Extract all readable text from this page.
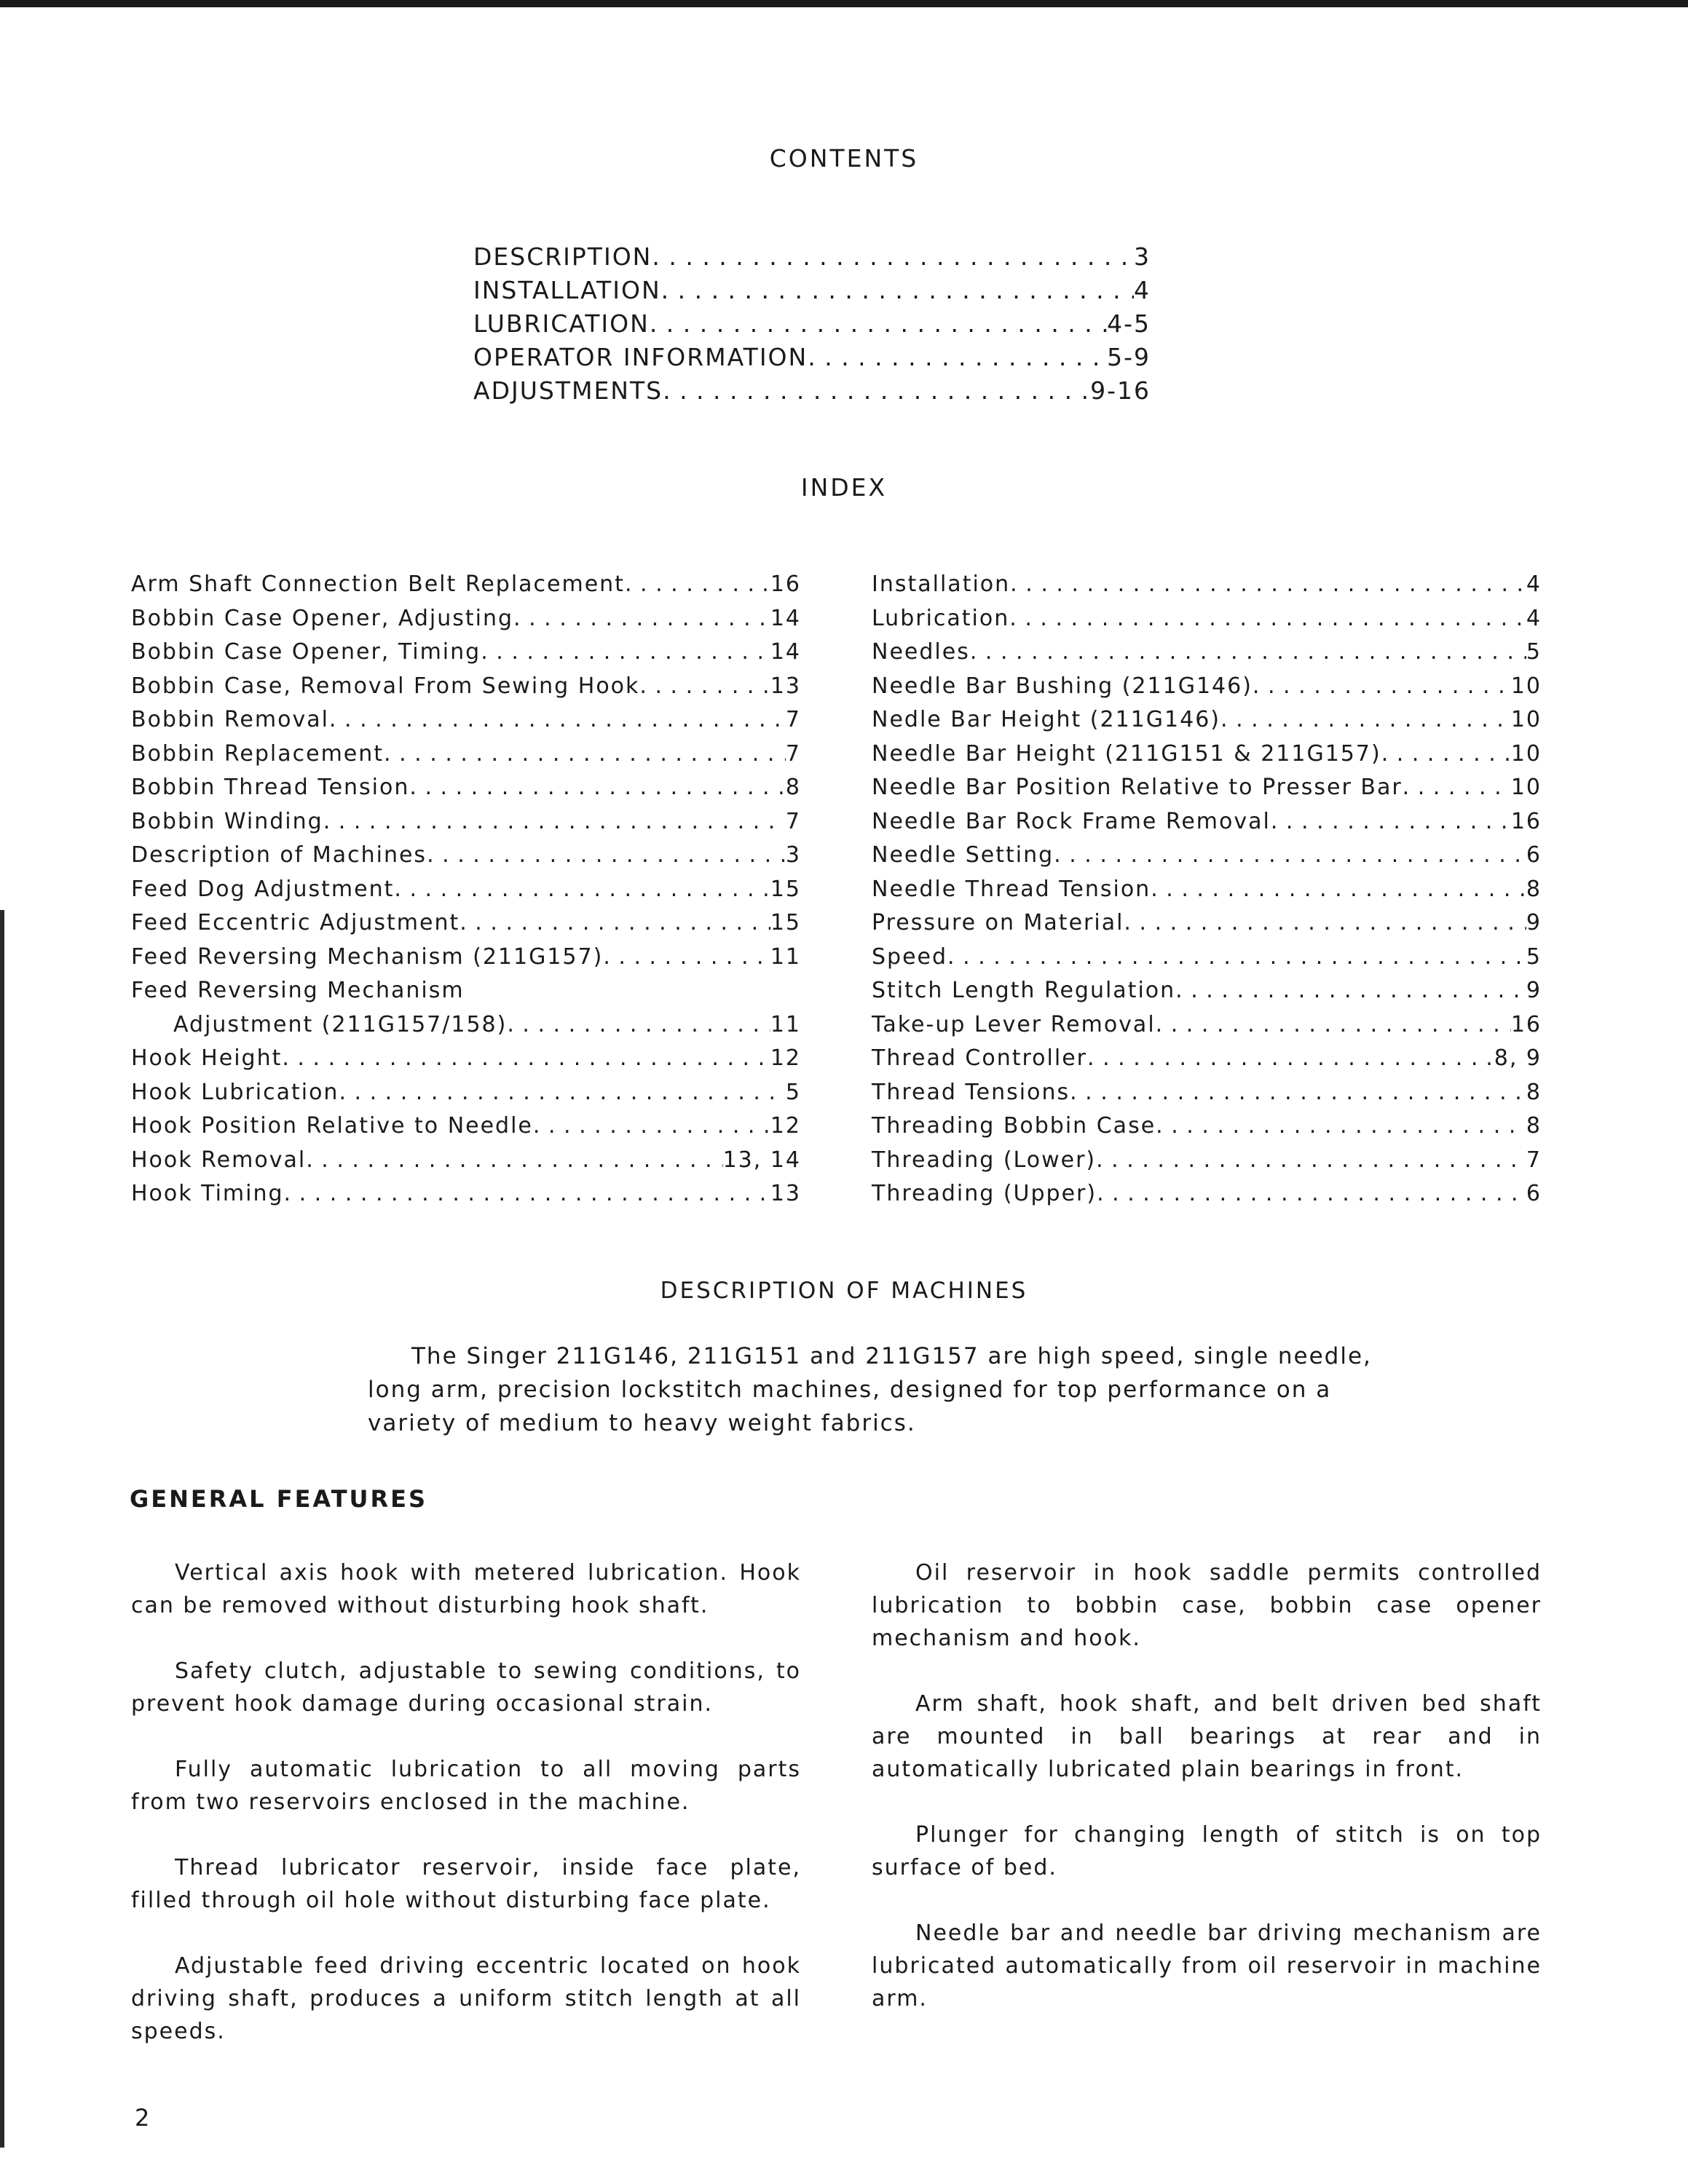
CONTENTS
DESCRIPTION . . .	3
INSTALLATION . . .	4
LUBRICATION . . .	4-5
OPERATOR INFORMATION . . .	5-9
ADJUSTMENTS . . .	.9-16
INDEX
Arm Shaft Connection Belt Replacement . . .	.16
Bobbin Case Opener, Adjusting . . .	14
Bobbin Case Opener, Timing . . .	14
Bobbin Case, Removal From Sewing Hook . . .	13
Bobbin Removal . . .	7
Bobbin Replacement . . .	7
Bobbin Thread Tension . . .	8
Bobbin Winding . . .	7
Description of Machines . . .	3
Feed Dog Adjustment . . .	15
Feed Eccentric Adjustment . . .	15
Feed Reversing Mechanism (211G157) . . .	11
Feed Reversing Mechanism
Adjustment (211G157/158) . . .	11
Hook Height . . .	12
Hook Lubrication . . .	5
Hook Position Relative to Needle . . .	12
Hook Removal . . .	13, 14
Hook Timing . . .	13
Installation . . .	4
Lubrication . . .	4
Needles . . .	5
Needle Bar Bushing (211G146) . . .	10
Nedle Bar Height (211G146) . . .	10
Needle Bar Height (211G151 & 211G157) . . .	10
Needle Bar Position Relative to Presser Bar . . .	10
Needle Bar Rock Frame Removal . . .	16
Needle Setting . . .	6
Needle Thread Tension . . .	8
Pressure on Material . . .	9
Speed . . .	5
Stitch Length Regulation . . .	9
Take-up Lever Removal . . .	16
Thread Controller . . .	.8, 9
Thread Tensions . . .	8
Threading Bobbin Case . . .	8
Threading (Lower) . . .	7
Threading (Upper) . . .	6
DESCRIPTION OF MACHINES

The Singer 211G146, 211G151 and 211G157 are high speed, single needle, long arm, precision lockstitch machines, designed for top performance on a variety of medium to heavy weight fabrics.

GENERAL FEATURES

Vertical axis hook with metered lubrication. Hook can be removed without disturbing hook shaft.

Safety clutch, adjustable to sewing conditions, to prevent hook damage during occasional strain.

Fully automatic lubrication to all moving parts from two reservoirs enclosed in the machine.

Thread lubricator reservoir, inside face plate, filled through oil hole without disturbing face plate.

Adjustable feed driving eccentric located on hook driving shaft, produces a uniform stitch length at all speeds.

Oil reservoir in hook saddle permits controlled lubrication to bobbin case, bobbin case opener mechanism and hook.

Arm shaft, hook shaft, and belt driven bed shaft are mounted in ball bearings at rear and in automatically lubricated plain bearings in front.

Plunger for changing length of stitch is on top surface of bed.

Needle bar and needle bar driving mechanism are lubricated automatically from oil reservoir in machine arm.

2
